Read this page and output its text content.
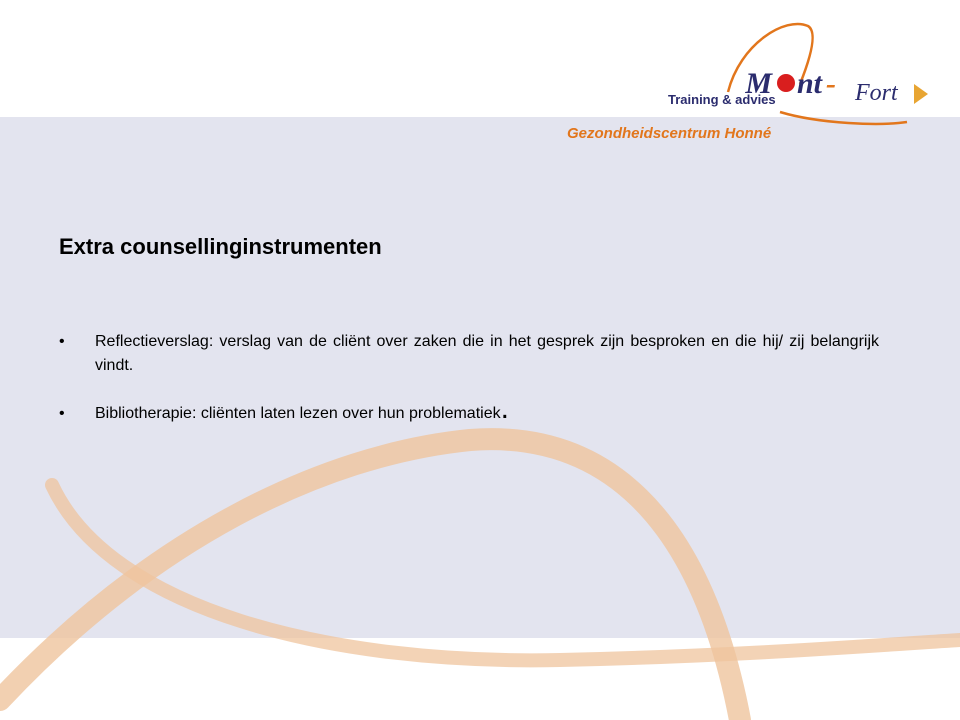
M nt - Fort
Training & advies
Gezondheidscentrum Honné
Extra counsellinginstrumenten
• Reflectieverslag: verslag van de cliënt over zaken die in het gesprek zijn besproken en die hij/ zij belangrijk vindt.
• Bibliotherapie: cliënten laten lezen over hun problematiek.
